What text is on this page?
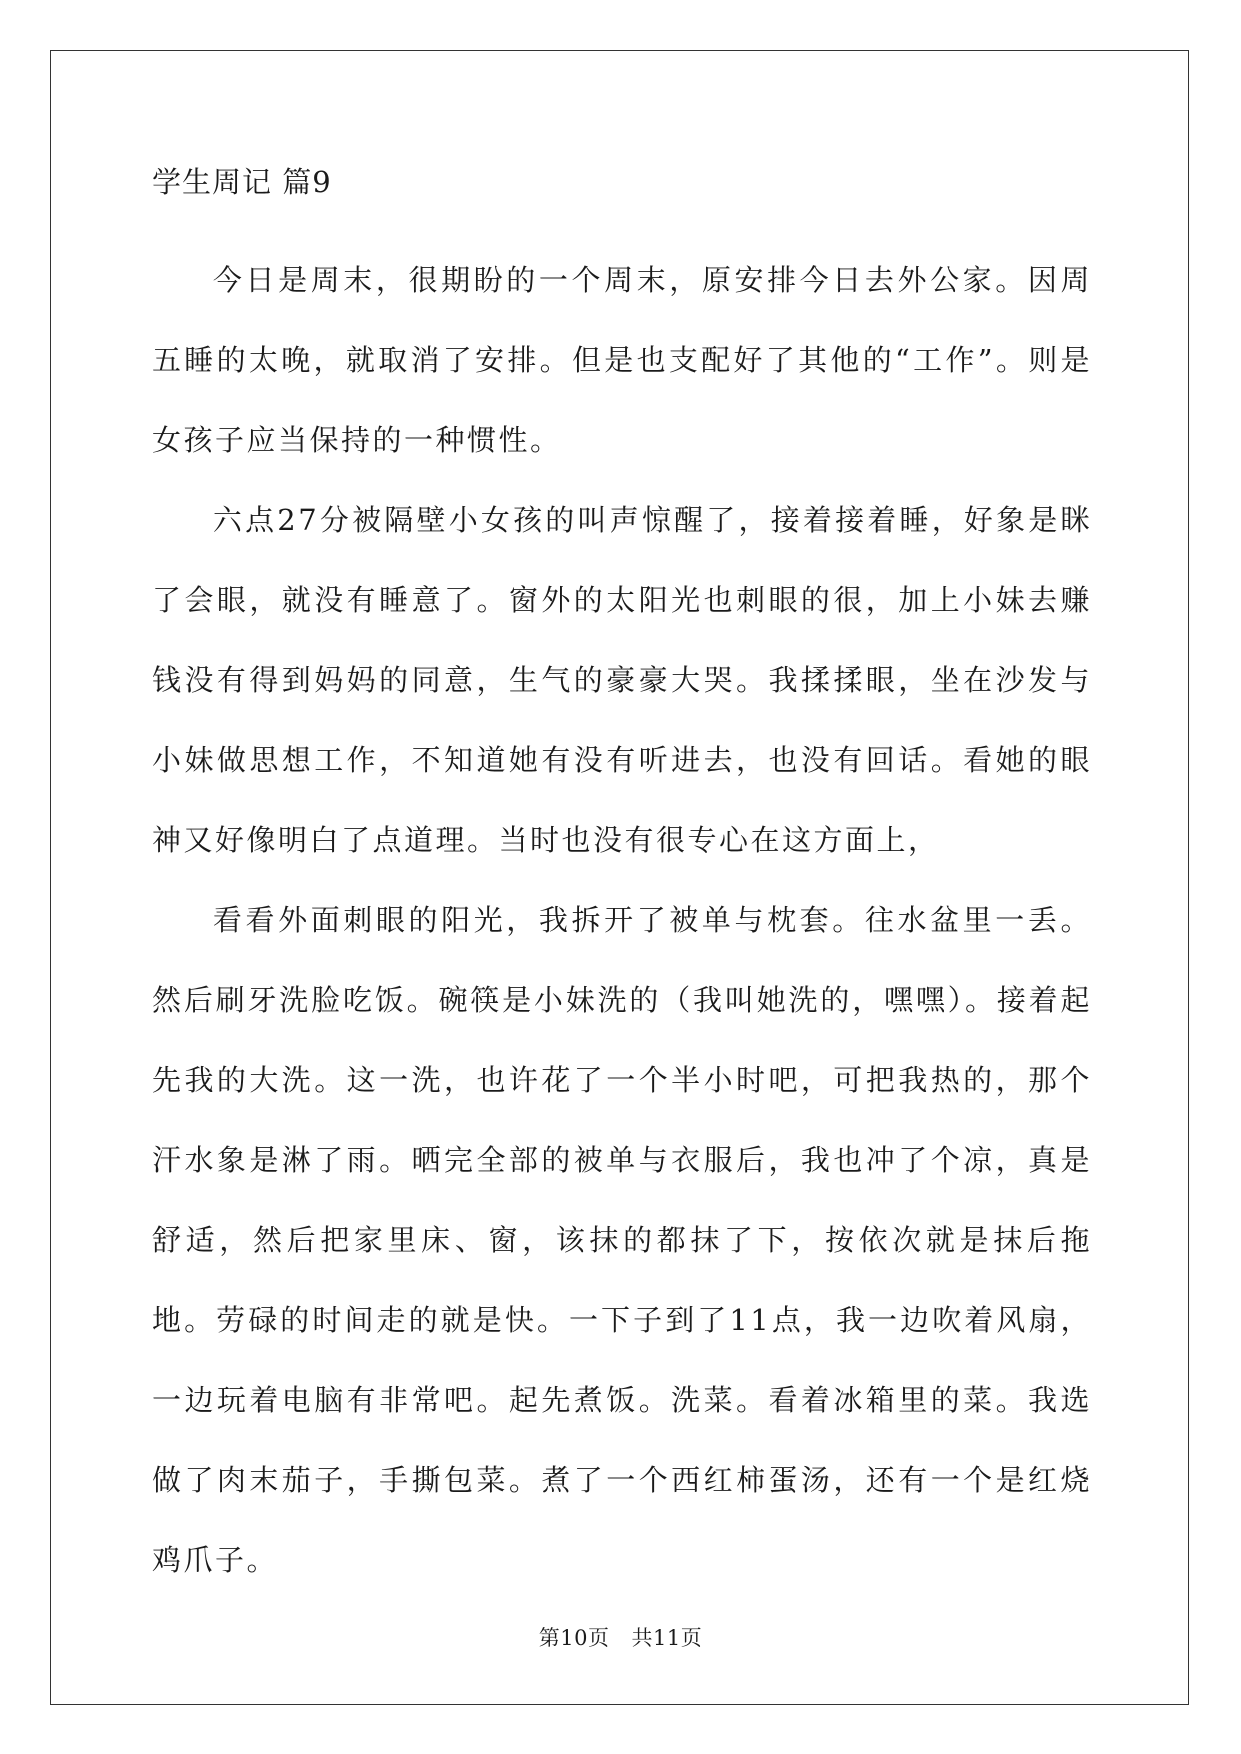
学生周记 篇9

今日是周末，很期盼的一个周末，原安排今日去外公家。因周五睡的太晚，就取消了安排。但是也支配好了其他的“工作”。则是女孩子应当保持的一种惯性。

六点27分被隔壁小女孩的叫声惊醒了，接着接着睡，好象是眯了会眼，就没有睡意了。窗外的太阳光也刺眼的很，加上小妹去赚钱没有得到妈妈的同意，生气的豪豪大哭。我揉揉眼，坐在沙发与小妹做思想工作，不知道她有没有听进去，也没有回话。看她的眼神又好像明白了点道理。当时也没有很专心在这方面上，

看看外面刺眼的阳光，我拆开了被单与枕套。往水盆里一丢。然后刷牙洗脸吃饭。碗筷是小妹洗的（我叫她洗的，嘿嘿）。接着起先我的大洗。这一洗，也许花了一个半小时吧，可把我热的，那个汗水象是淋了雨。晒完全部的被单与衣服后，我也冲了个凉，真是舒适，然后把家里床、窗，该抹的都抹了下，按依次就是抹后拖地。劳碌的时间走的就是快。一下子到了11点，我一边吹着风扇，一边玩着电脑有非常吧。起先煮饭。洗菜。看着冰箱里的菜。我选做了肉末茄子，手撕包菜。煮了一个西红柿蛋汤，还有一个是红烧鸡爪子。

第10页 共11页
